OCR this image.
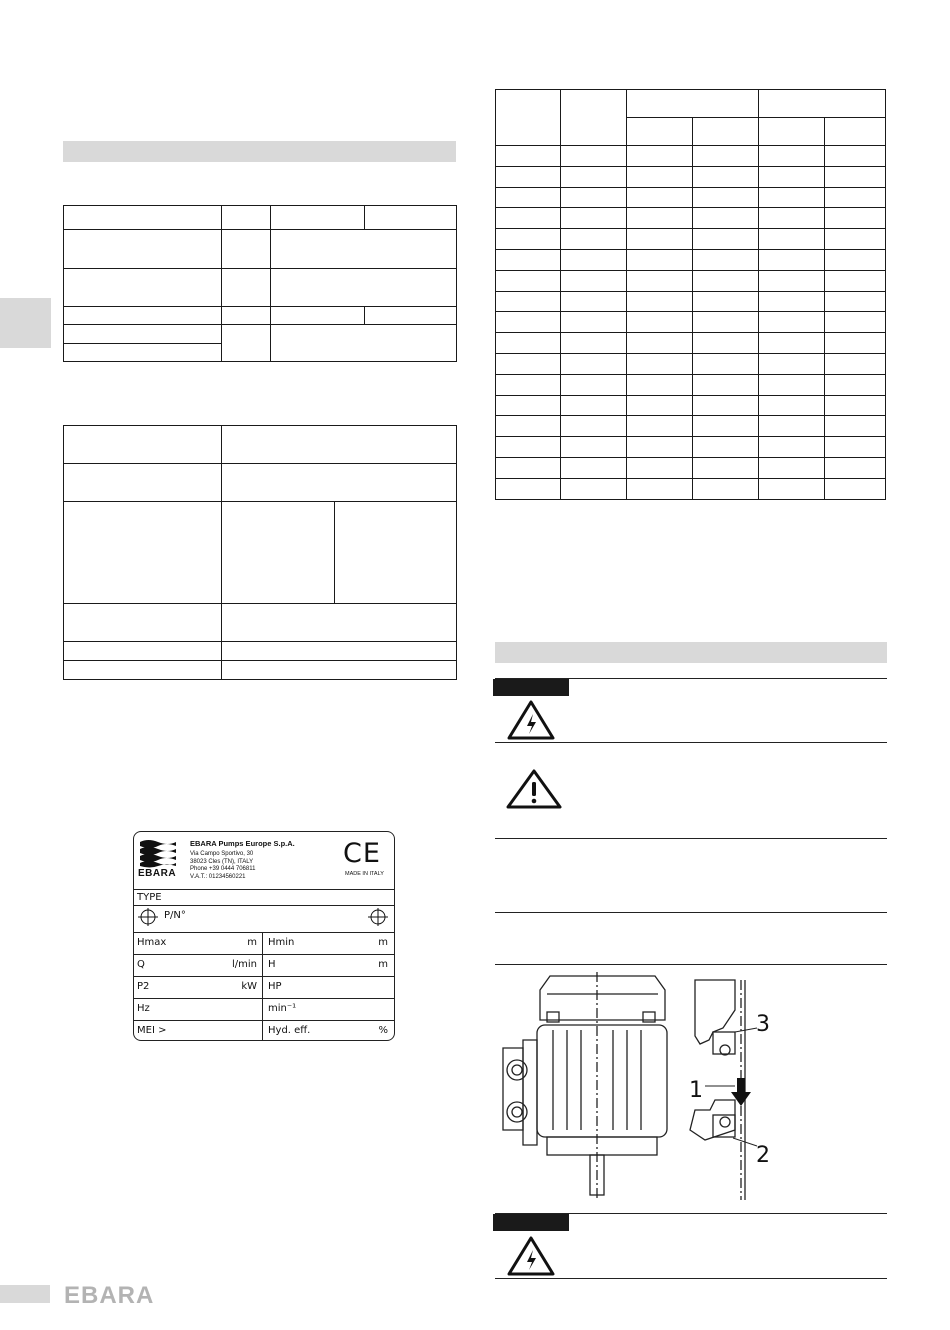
EBARA
EBARA Pumps Europe S.p.A.
Via Campo Sportivo, 30
38023 Cles (TN), ITALY
Phone +39 0444 706811
V.A.T.: 01234560221
CE
MADE IN ITALY
TYPE
P/N°
Hmax	m Hmin	m
Q	l/min H	m
P2	kW HP
Hz	min⁻¹
MEI >	Hyd. eff.	%

						3
1
2
EBARA
